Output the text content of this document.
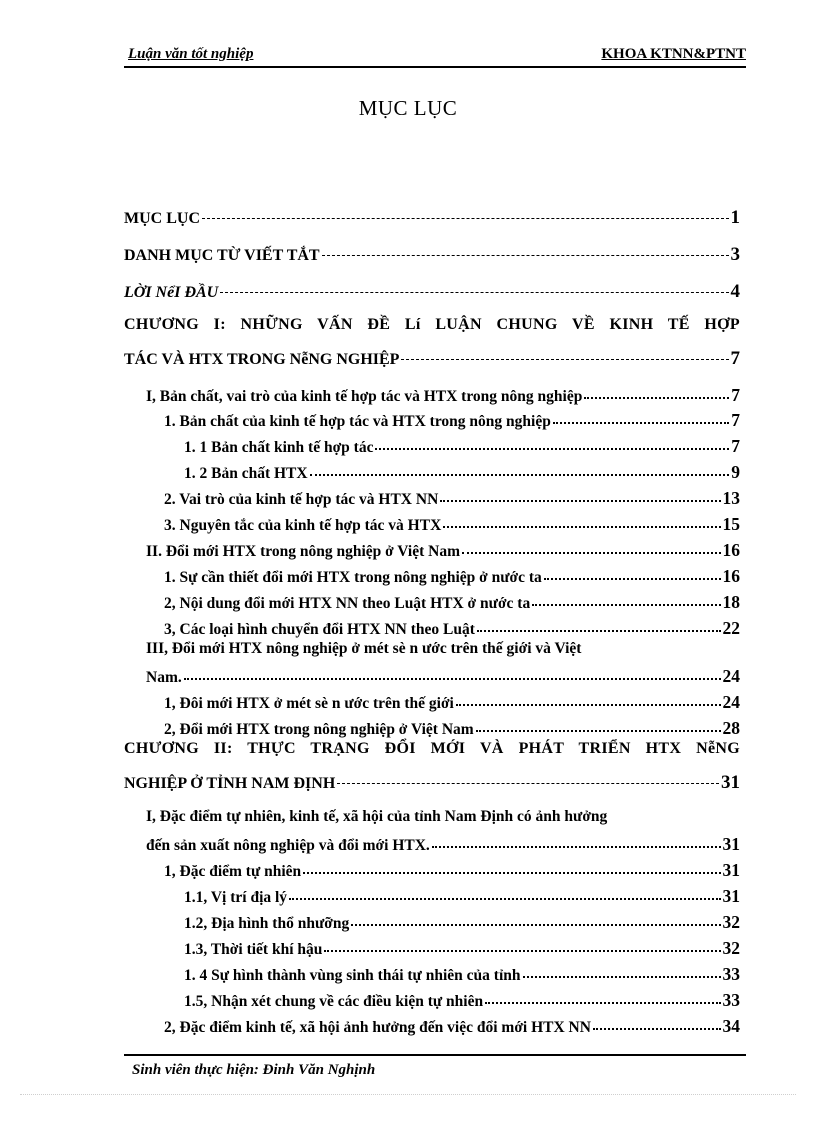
Luận văn tốt nghiệp	KHOA KTNN&PTNT
MỤC LỤC
MỤC LỤC	1
DANH MỤC TỪ VIẾT TẮT	3
LỜI NểI ĐẦU	4
CHƯƠNG I: NHỮNG VẤN ĐỀ Lí LUẬN CHUNG VỀ KINH TẾ HỢP
TÁC VÀ HTX TRONG NễNG NGHIỆP	7
I, Bản chất, vai trò của kinh tế hợp tác và HTX trong nông nghiệp	7
1. Bản chất của kinh tế hợp tác và HTX trong nông nghiệp	7
1. 1 Bản chất kinh tế hợp tác	7
1. 2 Bản chất HTX	9
2. Vai trò của kinh tế hợp tác và HTX NN	13
3. Nguyên tắc của kinh tế hợp tác và HTX	15
II. Đổi mới HTX trong nông nghiệp ở Việt Nam	16
1. Sự cần thiết đổi mới HTX trong nông nghiệp ở nước ta	16
2, Nội dung đổi mới HTX NN theo Luật HTX ở nước ta	18
3, Các loại hình chuyển đổi HTX NN theo Luật	22
III, Đổi mới HTX nông nghiệp ở mét sè n ước trên thế giới và Việt
Nam.	24
1, Đôi mới HTX ở mét sè n ước trên thế giới	24
2, Đổi mới HTX trong nông nghiệp ở Việt Nam	28
CHƯƠNG II: THỰC TRẠNG ĐỔI MỚI VÀ PHÁT TRIỂN HTX NễNG
NGHIỆP Ở TỈNH NAM ĐỊNH	31
I, Đặc điểm tự nhiên, kinh tế, xã hội của tỉnh Nam Định có ảnh hưởng
đến sản xuất nông nghiệp và đổi mới HTX.	31
1, Đặc điểm tự nhiên	31
1.1, Vị trí địa lý	31
1.2, Địa hình thổ nhưỡng	32
1.3, Thời tiết khí hậu	32
1. 4 Sự hình thành vùng sinh thái tự nhiên của tỉnh	33
1.5, Nhận xét chung về các điều kiện tự nhiên	33
2, Đặc điểm kinh tế, xã hội ảnh hưởng đến việc đổi mới HTX NN	34
Sinh viên thực hiện: Đinh Văn Nghịnh
